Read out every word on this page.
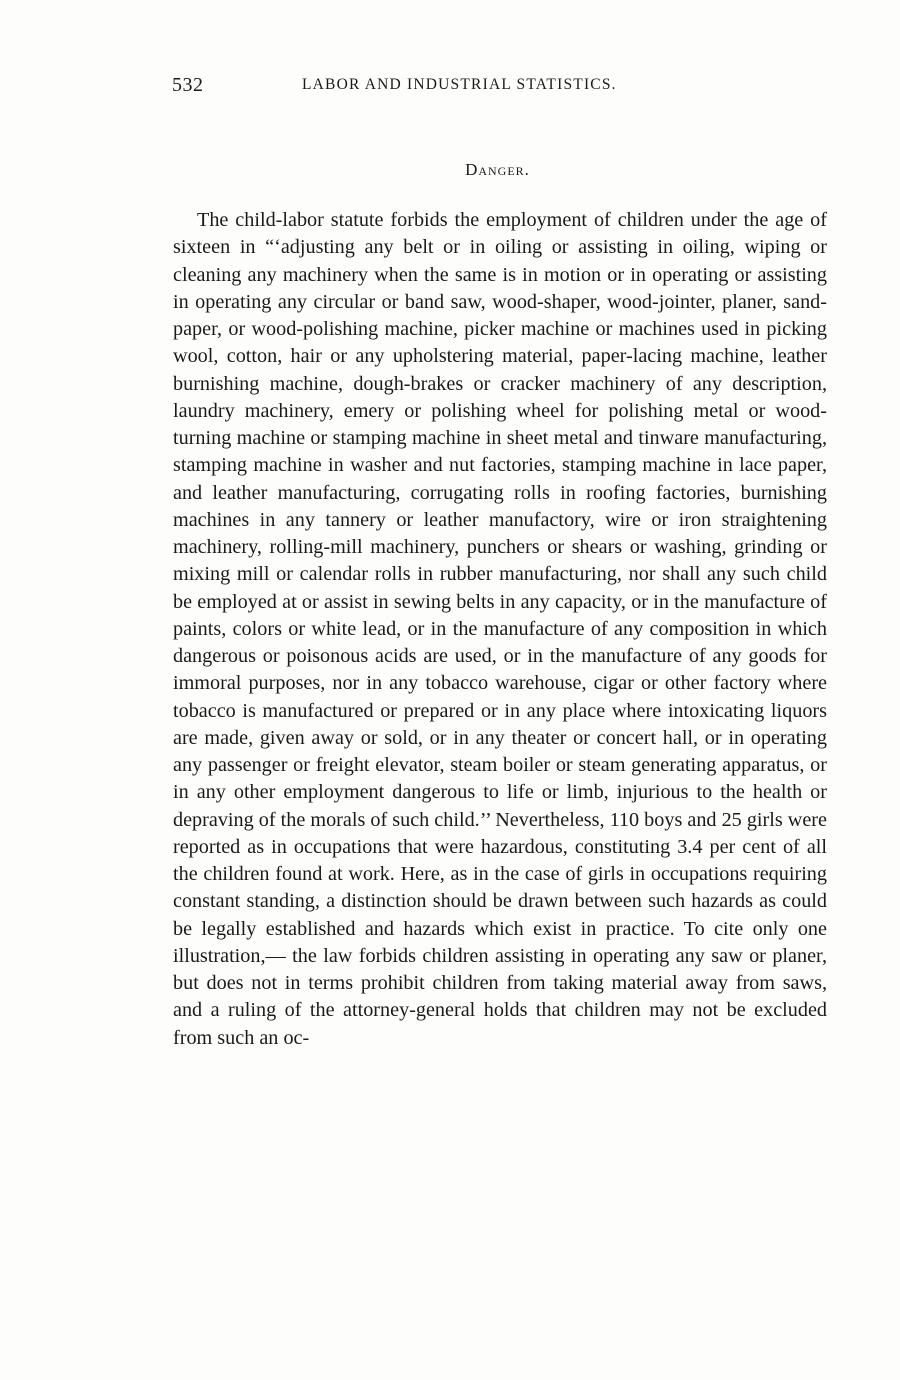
532	LABOR AND INDUSTRIAL STATISTICS.
Danger.

The child-labor statute forbids the employment of children under the age of sixteen in “‘adjusting any belt or in oiling or assisting in oiling, wiping or cleaning any machinery when the same is in motion or in operating or assisting in operating any circular or band saw, wood-shaper, wood-jointer, planer, sand-paper, or wood-polishing machine, picker machine or machines used in picking wool, cotton, hair or any upholstering material, paper-lacing machine, leather burnishing machine, dough-brakes or cracker machinery of any description, laundry machinery, emery or polishing wheel for polishing metal or wood-turning machine or stamping machine in sheet metal and tinware manufacturing, stamping machine in washer and nut factories, stamping machine in lace paper, and leather manufacturing, corrugating rolls in roofing factories, burnishing machines in any tannery or leather manufactory, wire or iron straightening machinery, rolling-mill machinery, punchers or shears or washing, grinding or mixing mill or calendar rolls in rubber manufacturing, nor shall any such child be employed at or assist in sewing belts in any capacity, or in the manufacture of paints, colors or white lead, or in the manufacture of any composition in which dangerous or poisonous acids are used, or in the manufacture of any goods for immoral purposes, nor in any tobacco warehouse, cigar or other factory where tobacco is manufactured or prepared or in any place where intoxicating liquors are made, given away or sold, or in any theater or concert hall, or in operating any passenger or freight elevator, steam boiler or steam generating apparatus, or in any other employment dangerous to life or limb, injurious to the health or depraving of the morals of such child.’’ Nevertheless, 110 boys and 25 girls were reported as in occupations that were hazardous, constituting 3.4 per cent of all the children found at work. Here, as in the case of girls in occupations requiring constant standing, a distinction should be drawn between such hazards as could be legally established and hazards which exist in practice. To cite only one illustration,— the law forbids children assisting in operating any saw or planer, but does not in terms prohibit children from taking material away from saws, and a ruling of the attorney-general holds that children may not be excluded from such an oc-
